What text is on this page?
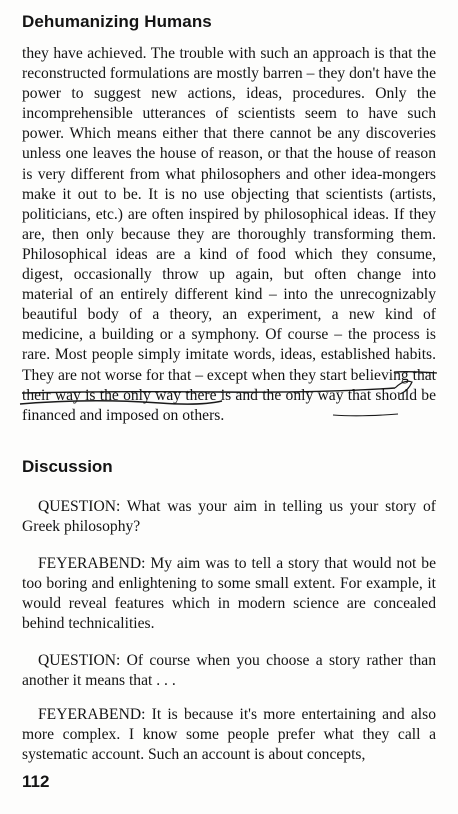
Dehumanizing Humans

they have achieved. The trouble with such an approach is that the reconstructed formulations are mostly barren – they don't have the power to suggest new actions, ideas, procedures. Only the incomprehensible utterances of scientists seem to have such power. Which means either that there cannot be any discoveries unless one leaves the house of reason, or that the house of reason is very different from what philosophers and other idea-mongers make it out to be. It is no use objecting that scientists (artists, politicians, etc.) are often inspired by philosophical ideas. If they are, then only because they are thoroughly transforming them. Philosophical ideas are a kind of food which they consume, digest, occasionally throw up again, but often change into material of an entirely different kind – into the unrecognizably beautiful body of a theory, an experiment, a new kind of medicine, a building or a symphony. Of course – the process is rare. Most people simply imitate words, ideas, established habits. They are not worse for that – except when they start believing that their way is the only way there is and the only way that should be financed and imposed on others.

Discussion

QUESTION: What was your aim in telling us your story of Greek philosophy?

FEYERABEND: My aim was to tell a story that would not be too boring and enlightening to some small extent. For example, it would reveal features which in modern science are concealed behind technicalities.

QUESTION: Of course when you choose a story rather than another it means that . . .

FEYERABEND: It is because it's more entertaining and also more complex. I know some people prefer what they call a systematic account. Such an account is about concepts,

112
